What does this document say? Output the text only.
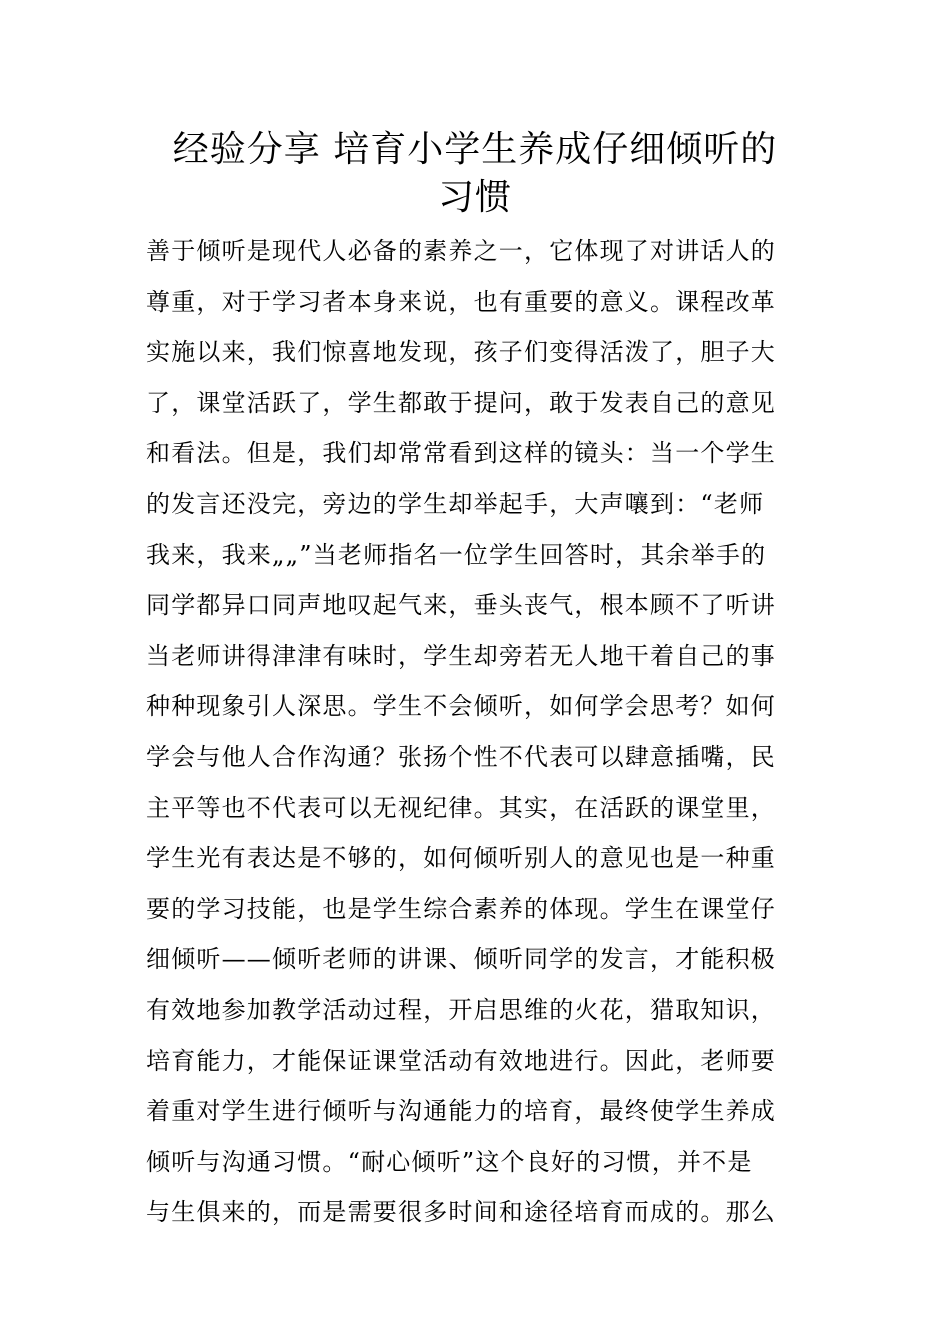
经验分享 培育小学生养成仔细倾听的
习惯
善于倾听是现代人必备的素养之一，它体现了对讲话人的
尊重，对于学习者本身来说，也有重要的意义。课程改革
实施以来，我们惊喜地发现，孩子们变得活泼了，胆子大
了，课堂活跃了，学生都敢于提问，敢于发表自己的意见
和看法。但是，我们却常常看到这样的镜头：当一个学生
的发言还没完，旁边的学生却举起手，大声嚷到：“老师
我来，我来„„”当老师指名一位学生回答时，其余举手的
同学都异口同声地叹起气来，垂头丧气，根本顾不了听讲
当老师讲得津津有味时，学生却旁若无人地干着自己的事
种种现象引人深思。学生不会倾听，如何学会思考？如何
学会与他人合作沟通？张扬个性不代表可以肆意插嘴，民
主平等也不代表可以无视纪律。其实，在活跃的课堂里，
学生光有表达是不够的，如何倾听别人的意见也是一种重
要的学习技能，也是学生综合素养的体现。学生在课堂仔
细倾听——倾听老师的讲课、倾听同学的发言，才能积极
有效地参加教学活动过程，开启思维的火花，猎取知识，
培育能力，才能保证课堂活动有效地进行。因此，老师要
着重对学生进行倾听与沟通能力的培育，最终使学生养成
倾听与沟通习惯。“耐心倾听”这个良好的习惯，并不是
与生俱来的，而是需要很多时间和途径培育而成的。那么
